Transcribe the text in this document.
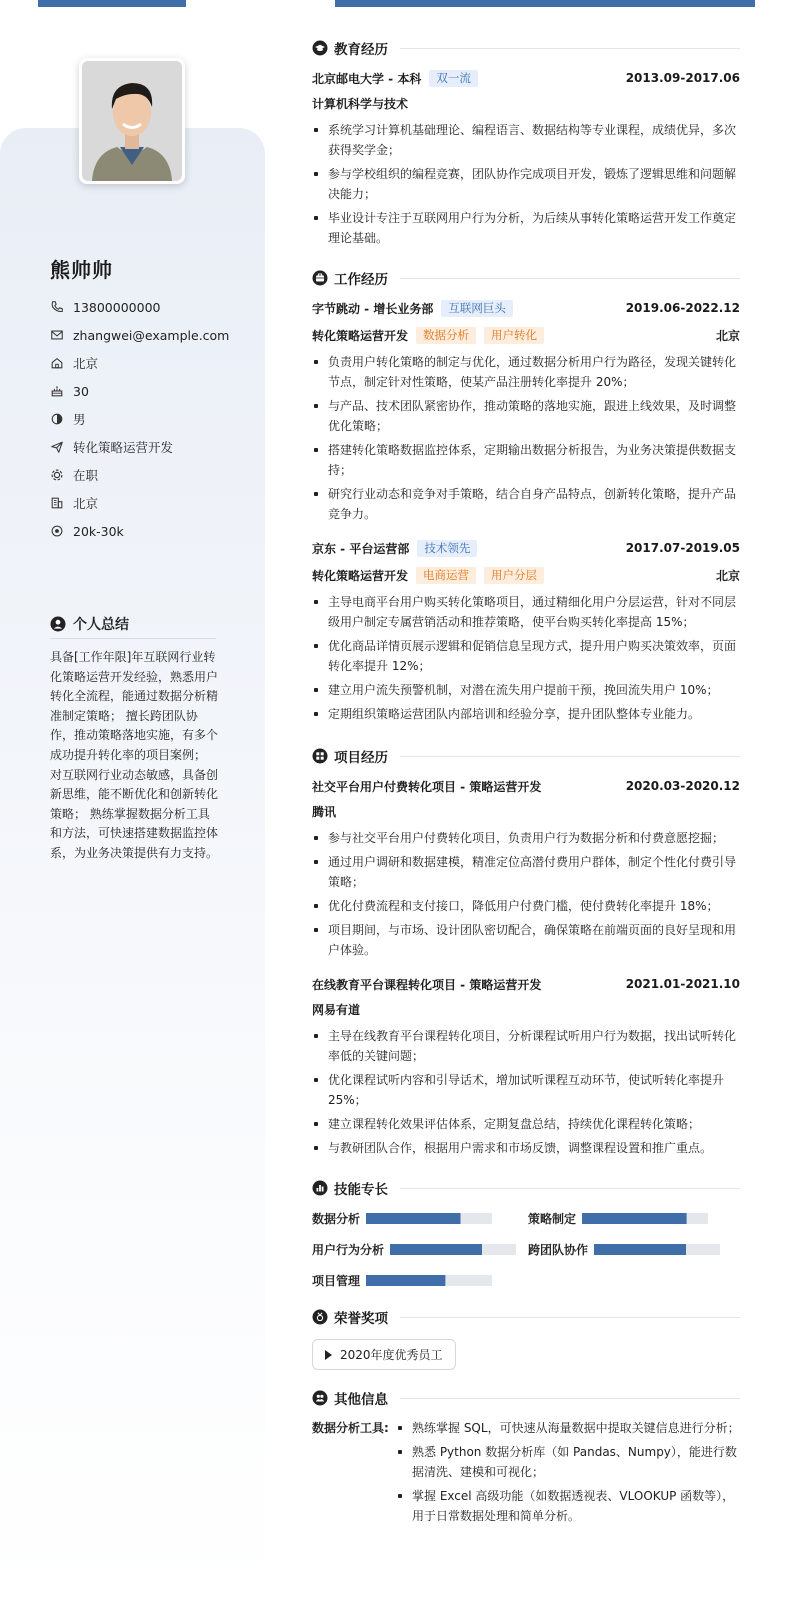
熊帅帅
13800000000
zhangwei@example.com
北京
30
男
转化策略运营开发
在职
北京
20k-30k
个人总结
具备[工作年限]年互联网行业转化策略运营开发经验，熟悉用户转化全流程，能通过数据分析精准制定策略； 擅长跨团队协作，推动策略落地实施，有多个成功提升转化率的项目案例； 对互联网行业动态敏感，具备创新思维，能不断优化和创新转化策略； 熟练掌握数据分析工具和方法，可快速搭建数据监控体系，为业务决策提供有力支持。
教育经历
北京邮电大学 - 本科	双一流	2013.09-2017.06
计算机科学与技术
系统学习计算机基础理论、编程语言、数据结构等专业课程，成绩优异，多次获得奖学金；
参与学校组织的编程竞赛，团队协作完成项目开发，锻炼了逻辑思维和问题解决能力；
毕业设计专注于互联网用户行为分析，为后续从事转化策略运营开发工作奠定理论基础。
工作经历
字节跳动 - 增长业务部	互联网巨头	2019.06-2022.12
转化策略运营开发	数据分析	用户转化	北京
负责用户转化策略的制定与优化，通过数据分析用户行为路径，发现关键转化节点，制定针对性策略，使某产品注册转化率提升 20%；
与产品、技术团队紧密协作，推动策略的落地实施，跟进上线效果，及时调整优化策略；
搭建转化策略数据监控体系，定期输出数据分析报告，为业务决策提供数据支持；
研究行业动态和竞争对手策略，结合自身产品特点，创新转化策略，提升产品竞争力。
京东 - 平台运营部	技术领先	2017.07-2019.05
转化策略运营开发	电商运营	用户分层	北京
主导电商平台用户购买转化策略项目，通过精细化用户分层运营，针对不同层级用户制定专属营销活动和推荐策略，使平台购买转化率提高 15%；
优化商品详情页展示逻辑和促销信息呈现方式，提升用户购买决策效率，页面转化率提升 12%；
建立用户流失预警机制，对潜在流失用户提前干预，挽回流失用户 10%；
定期组织策略运营团队内部培训和经验分享，提升团队整体专业能力。
项目经历
社交平台用户付费转化项目 - 策略运营开发	2020.03-2020.12
腾讯
参与社交平台用户付费转化项目，负责用户行为数据分析和付费意愿挖掘；
通过用户调研和数据建模，精准定位高潜付费用户群体，制定个性化付费引导策略；
优化付费流程和支付接口，降低用户付费门槛，使付费转化率提升 18%；
项目期间，与市场、设计团队密切配合，确保策略在前端页面的良好呈现和用户体验。
在线教育平台课程转化项目 - 策略运营开发	2021.01-2021.10
网易有道
主导在线教育平台课程转化项目，分析课程试听用户行为数据，找出试听转化率低的关键问题；
优化课程试听内容和引导话术，增加试听课程互动环节，使试听转化率提升 25%；
建立课程转化效果评估体系，定期复盘总结，持续优化课程转化策略；
与教研团队合作，根据用户需求和市场反馈，调整课程设置和推广重点。
技能专长
数据分析	策略制定
用户行为分析	跨团队协作
项目管理
荣誉奖项
2020年度优秀员工
其他信息
数据分析工具:	熟练掌握 SQL，可快速从海量数据中提取关键信息进行分析；
熟悉 Python 数据分析库（如 Pandas、Numpy），能进行数据清洗、建模和可视化；
掌握 Excel 高级功能（如数据透视表、VLOOKUP 函数等），用于日常数据处理和简单分析。
